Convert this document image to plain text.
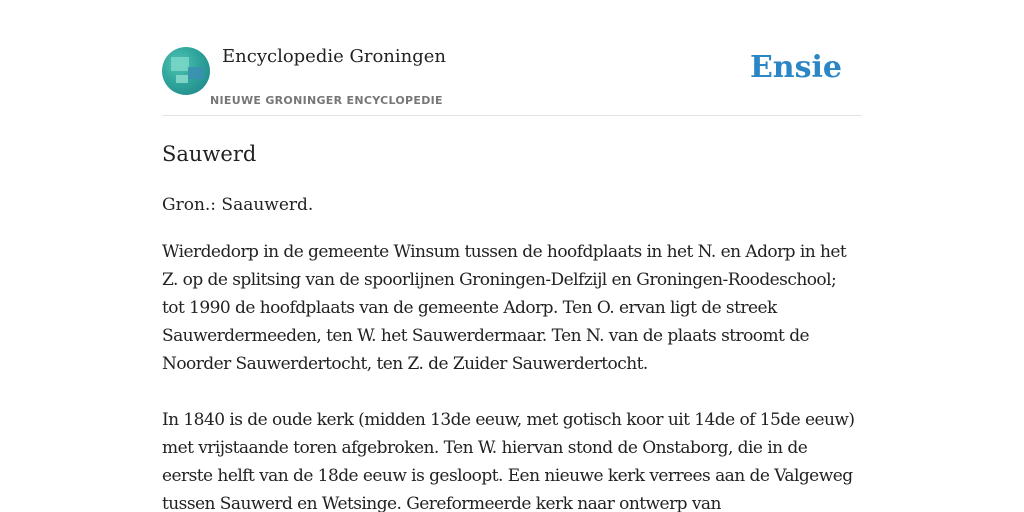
Encyclopedie Groningen
NIEUWE GRONINGER ENCYCLOPEDIE
Ensie
Sauwerd

Gron.: Saauwerd.

Wierdedorp in de gemeente Winsum tussen de hoofdplaats in het N. en Adorp in het Z. op de splitsing van de spoorlijnen Groningen-Delfzijl en Groningen-Roodeschool; tot 1990 de hoofdplaats van de gemeente Adorp. Ten O. ervan ligt de streek Sauwerdermeeden, ten W. het Sauwerdermaar. Ten N. van de plaats stroomt de Noorder Sauwerdertocht, ten Z. de Zuider Sauwerdertocht.

In 1840 is de oude kerk (midden 13de eeuw, met gotisch koor uit 14de of 15de eeuw) met vrijstaande toren afgebroken. Ten W. hiervan stond de Onstaborg, die in de eerste helft van de 18de eeuw is gesloopt. Een nieuwe kerk verrees aan de Valgeweg tussen Sauwerd en Wetsinge. Gereformeerde kerk naar ontwerp van
